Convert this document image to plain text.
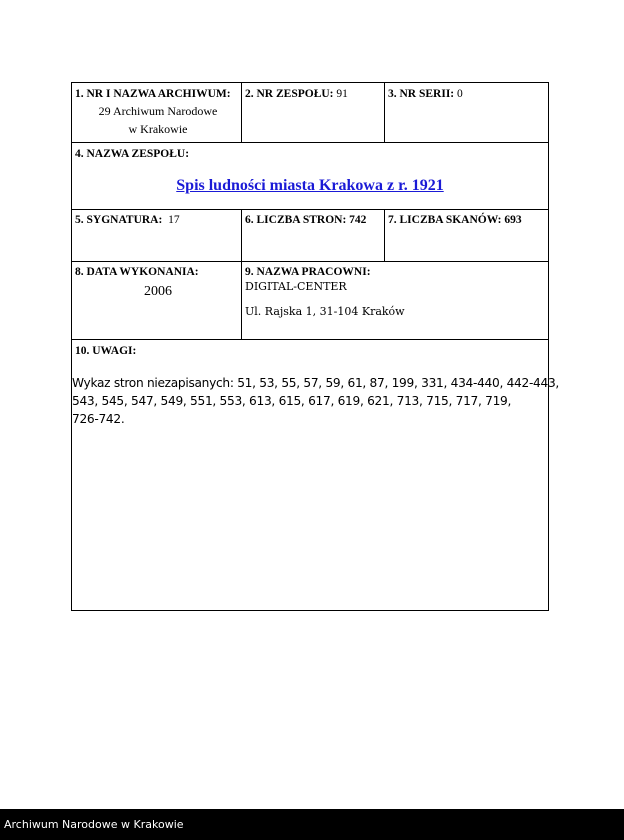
1. NR I NAZWA ARCHIWUM:
29 Archiwum Narodowe
w Krakowie
2. NR ZESPOŁU: 91	3. NR SERII: 0
4. NAZWA ZESPOŁU:
Spis ludności miasta Krakowa z r. 1921
5. SYGNATURA: 17	6. LICZBA STRON: 742 7. LICZBA SKANÓW: 693
8. DATA WYKONANIA:
2006
9. NAZWA PRACOWNI:
DIGITAL-CENTER
Ul. Rajska 1, 31-104 Kraków
10. UWAGI:
Wykaz stron niezapisanych: 51, 53, 55, 57, 59, 61, 87, 199, 331, 434-440, 442-443,
543, 545, 547, 549, 551, 553, 613, 615, 617, 619, 621, 713, 715, 717, 719,
726-742.
Archiwum Narodowe w Krakowie
